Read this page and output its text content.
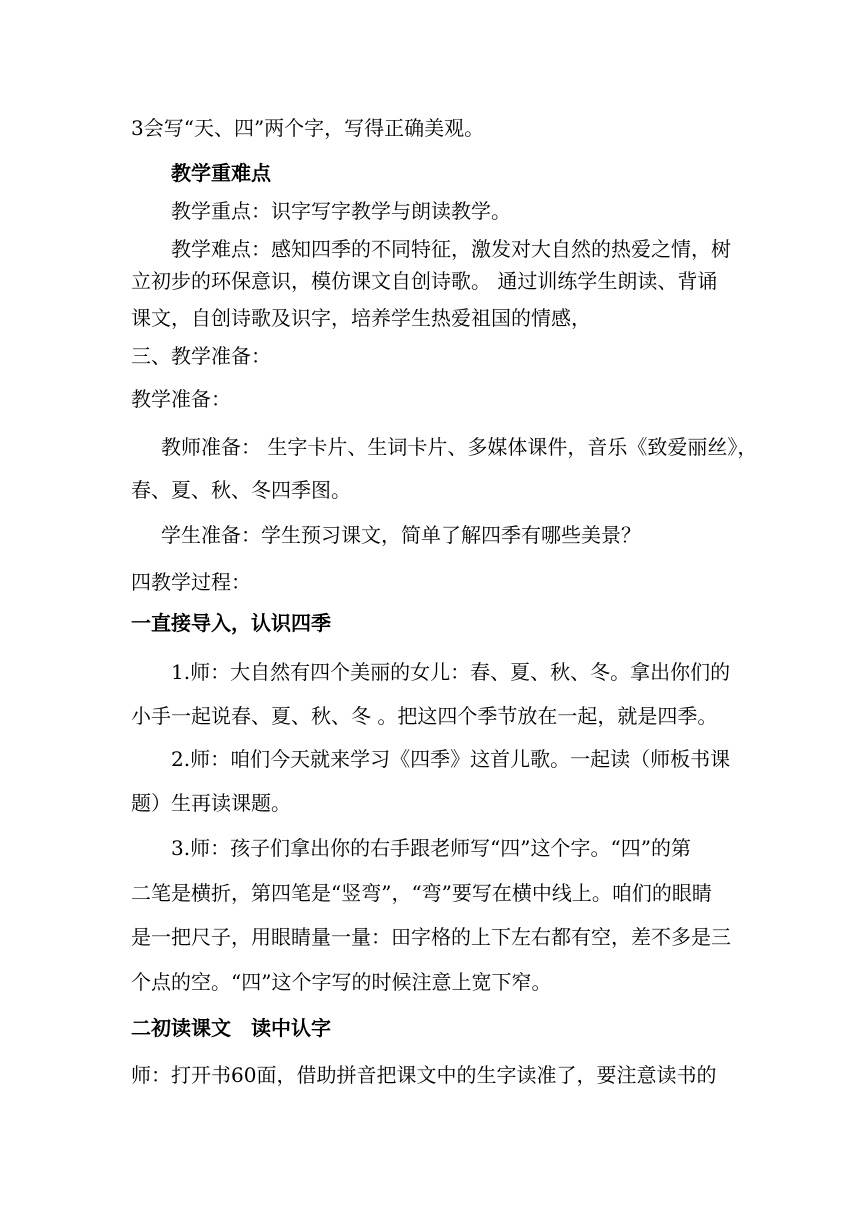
3会写“天、四”两个字，写得正确美观。
教学重难点
教学重点：识字写字教学与朗读教学。
教学难点：感知四季的不同特征，激发对大自然的热爱之情，树
立初步的环保意识，模仿课文自创诗歌。 通过训练学生朗读、背诵
课文，自创诗歌及识字，培养学生热爱祖国的情感，
三、教学准备：
教学准备：
教师准备： 生字卡片、生词卡片、多媒体课件，音乐《致爱丽丝》，
春、夏、秋、冬四季图。
学生准备：学生预习课文，简单了解四季有哪些美景？
四教学过程：
一直接导入，认识四季
1.师：大自然有四个美丽的女儿：春、夏、秋、冬。拿出你们的
小手一起说春、夏、秋、冬 。把这四个季节放在一起，就是四季。
2.师：咱们今天就来学习《四季》这首儿歌。一起读（师板书课
题）生再读课题。
3.师：孩子们拿出你的右手跟老师写“四”这个字。“四”的第
二笔是横折，第四笔是“竖弯”，“弯”要写在横中线上。咱们的眼睛
是一把尺子，用眼睛量一量：田字格的上下左右都有空，差不多是三
个点的空。“四”这个字写的时候注意上宽下窄。
二初读课文　读中认字
师：打开书60面，借助拼音把课文中的生字读准了，要注意读书的
